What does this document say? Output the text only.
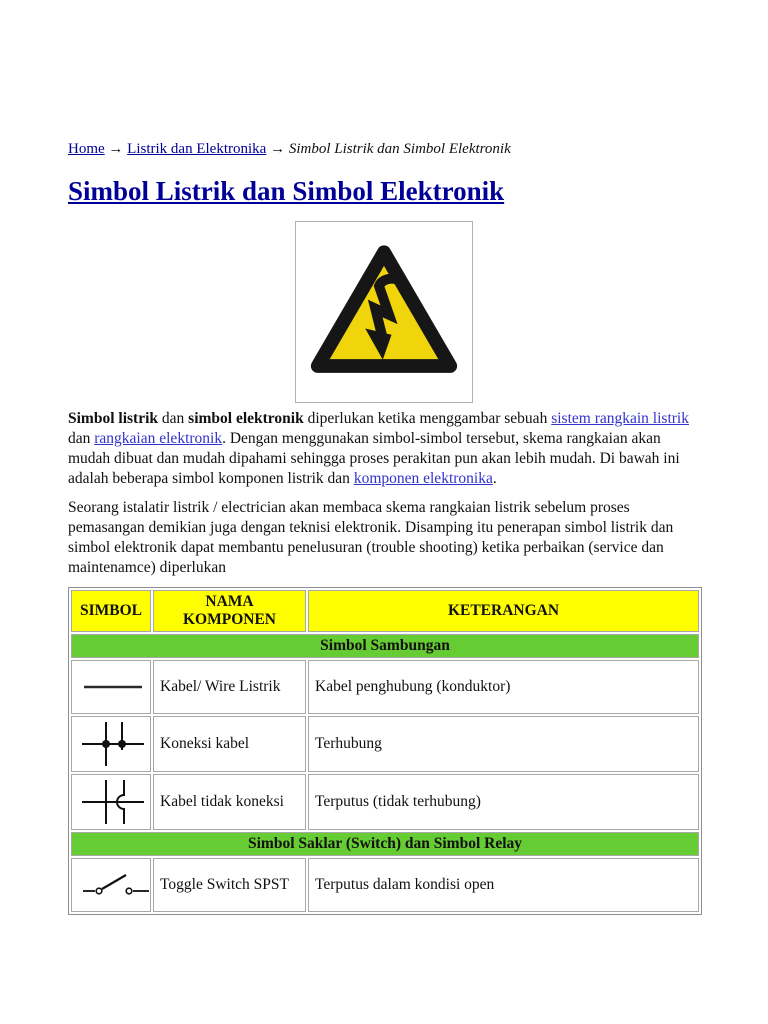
Home → Listrik dan Elektronika → Simbol Listrik dan Simbol Elektronik
Simbol Listrik dan Simbol Elektronik

Simbol listrik dan simbol elektronik diperlukan ketika menggambar sebuah sistem rangkain listrik dan rangkaian elektronik. Dengan menggunakan simbol-simbol tersebut, skema rangkaian akan mudah dibuat dan mudah dipahami sehingga proses perakitan pun akan lebih mudah. Di bawah ini adalah beberapa simbol komponen listrik dan komponen elektronika.

Seorang istalatir listrik / electrician akan membaca skema rangkaian listrik sebelum proses pemasangan demikian juga dengan teknisi elektronik. Disamping itu penerapan simbol listrik dan simbol elektronik dapat membantu penelusuran (trouble shooting) ketika perbaikan (service dan maintenamce) diperlukan

SIMBOL	NAMA KOMPONEN	KETERANGAN
Simbol Sambungan		
	Kabel/ Wire Listrik	Kabel penghubung (konduktor)
	Koneksi kabel	Terhubung
	Kabel tidak koneksi	Terputus (tidak terhubung)
Simbol Saklar (Switch) dan Simbol Relay		
	Toggle Switch SPST	Terputus dalam kondisi open
